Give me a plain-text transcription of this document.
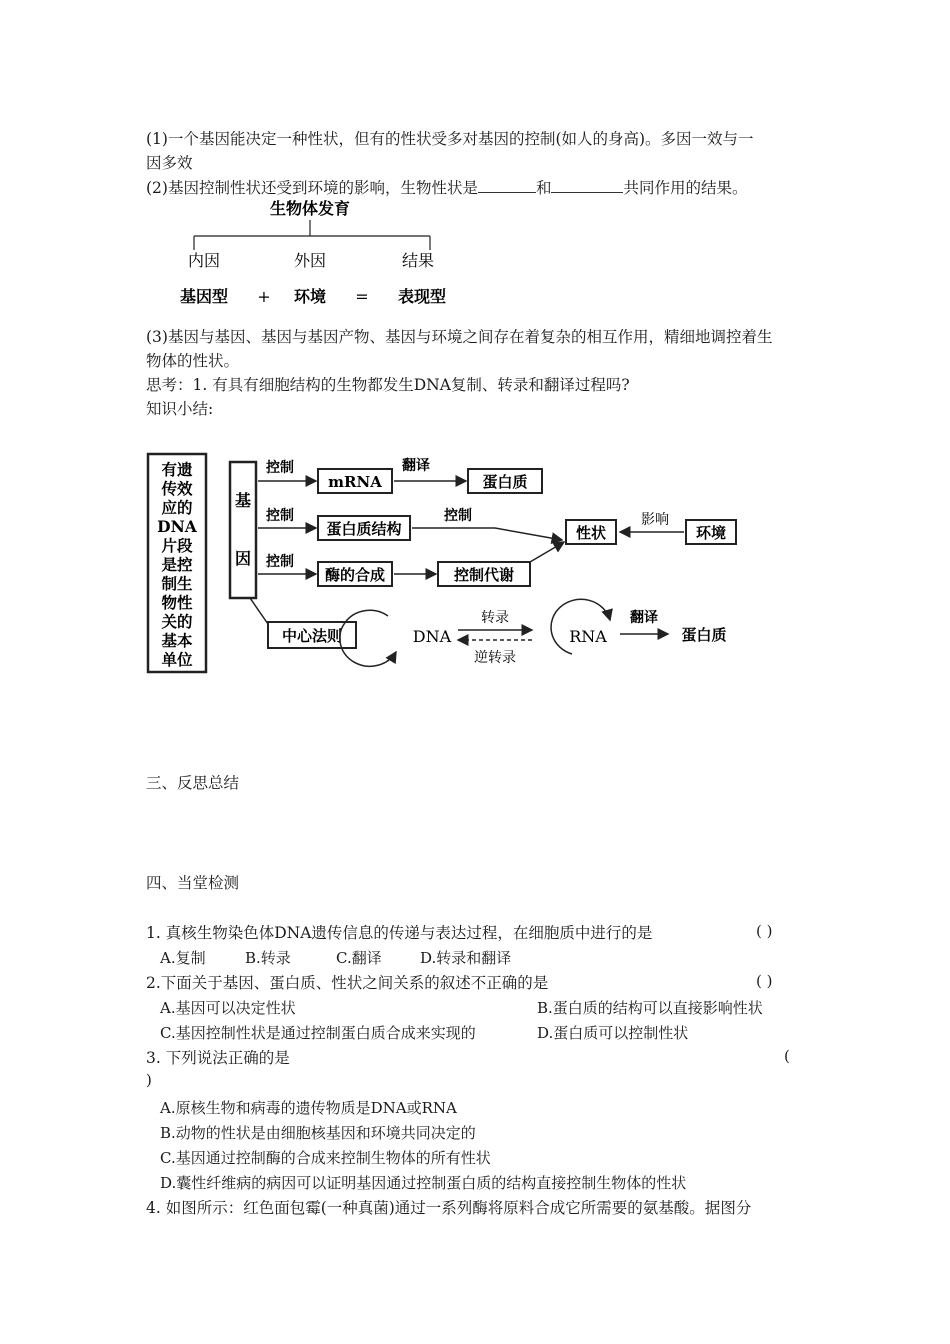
(1)一个基因能决定一种性状，但有的性状受多对基因的控制(如人的身高)。多因一效与一
因多效
(2)基因控制性状还受到环境的影响，生物性状是	和	共同作用的结果。
生物体发育
内因	外因	结果
基因型 + 环境 = 表现型
(3)基因与基因、基因与基因产物、基因与环境之间存在着复杂的相互作用，精细地调控着生
物体的性状。
思考：1. 有具有细胞结构的生物都发生DNA复制、转录和翻译过程吗?
知识小结:
有遗
传效
应的
DNA
片段
是控
制生
物性
关的
基本
单位
基
因
控制
mRNA
翻译
蛋白质
控制
蛋白质结构
控制
性状
影响
环境
控制
酶的合成	控制代谢
中心法则	DNA
转录
逆转录
RNA
翻译
蛋白质
三、反思总结
四、当堂检测
1. 真核生物染色体DNA遗传信息的传递与表达过程，在细胞质中进行的是	( )
A.复制	B.转录	C.翻译	D.转录和翻译
2.下面关于基因、蛋白质、性状之间关系的叙述不正确的是	( )
A.基因可以决定性状	B.蛋白质的结构可以直接影响性状
C.基因控制性状是通过控制蛋白质合成来实现的	D.蛋白质可以控制性状
3. 下列说法正确的是	(
)
A.原核生物和病毒的遗传物质是DNA或RNA
B.动物的性状是由细胞核基因和环境共同决定的
C.基因通过控制酶的合成来控制生物体的所有性状
D.囊性纤维病的病因可以证明基因通过控制蛋白质的结构直接控制生物体的性状
4. 如图所示：红色面包霉(一种真菌)通过一系列酶将原料合成它所需要的氨基酸。据图分
